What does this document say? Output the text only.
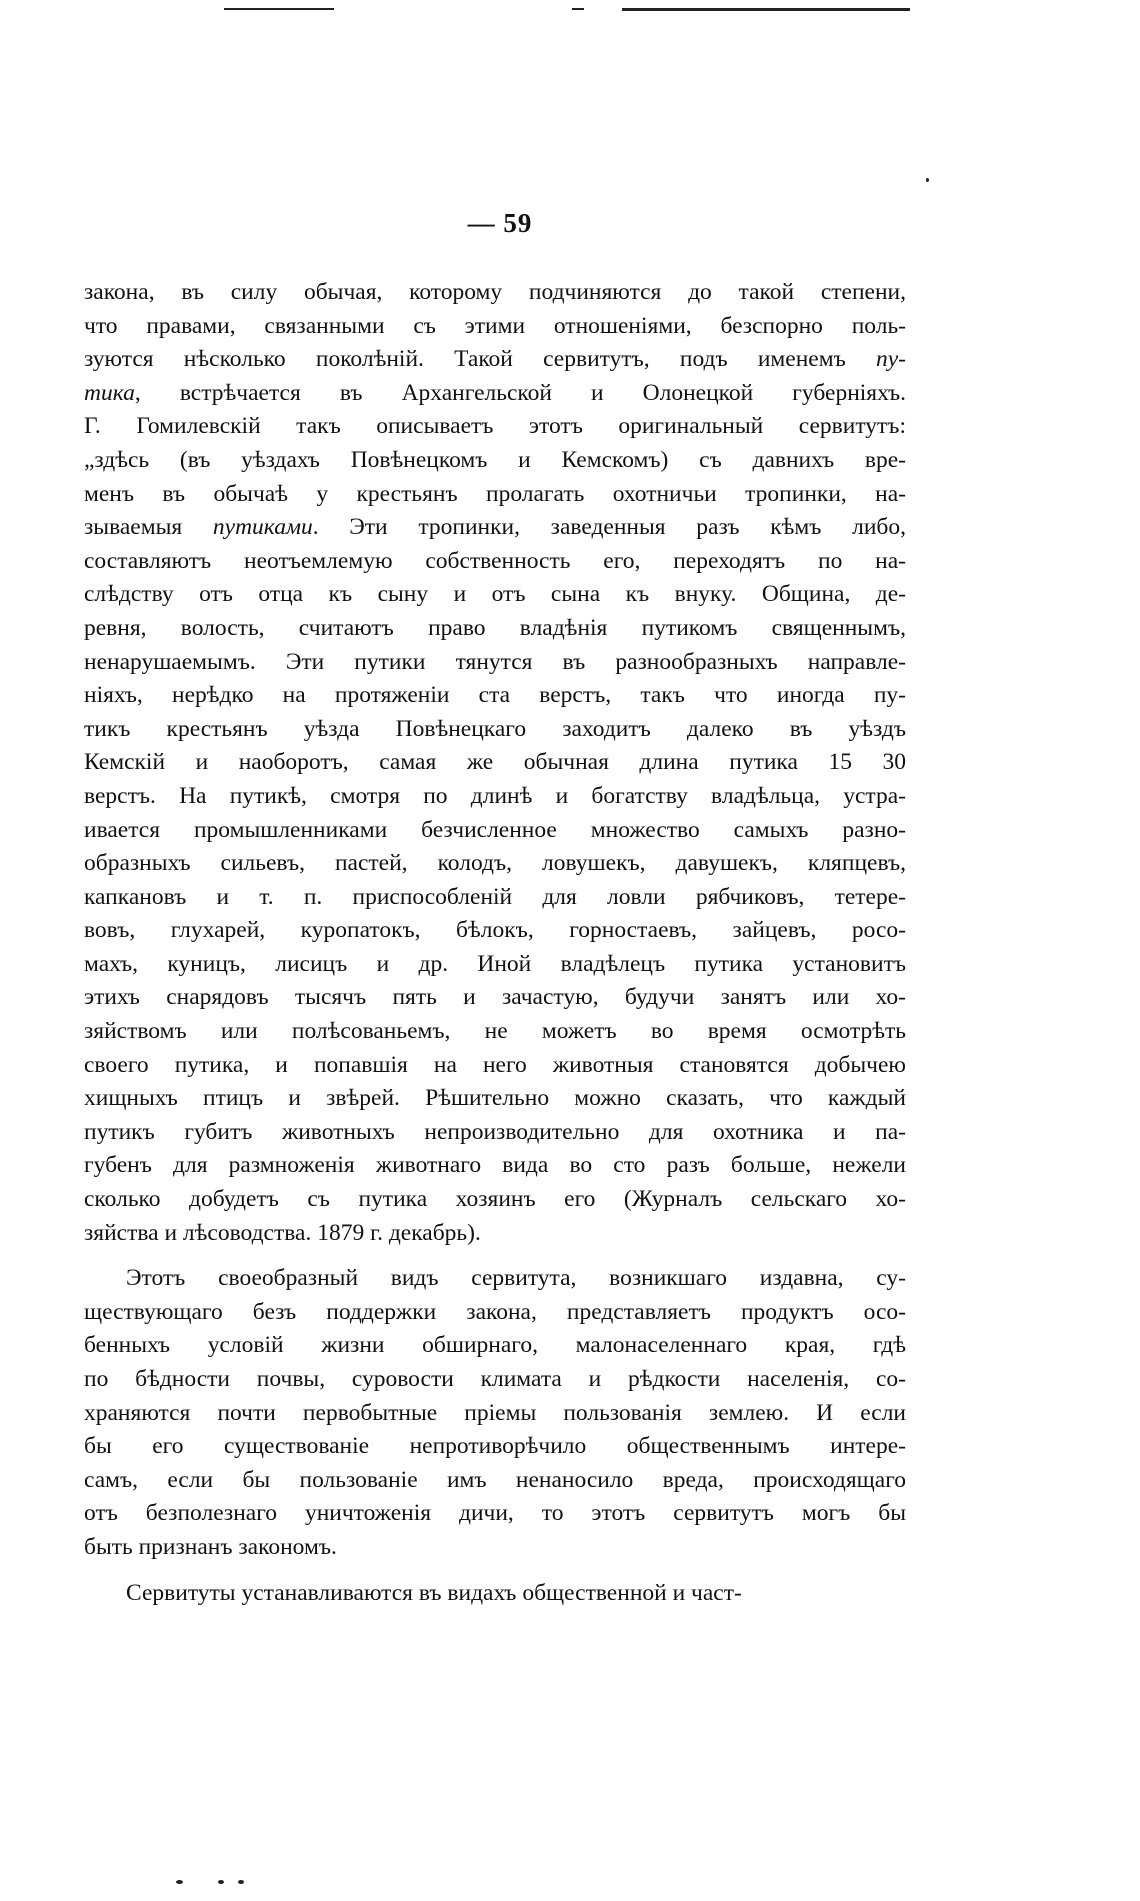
— 59
закона, въ силу обычая, которому подчиняются до такой степени,
что правами, связанными съ этими отношеніями, безспорно поль-
зуются нѣсколько поколѣній. Такой сервитутъ, подъ именемъ пу-
тика, встрѣчается въ Архангельской и Олонецкой губерніяхъ.
Г. Гомилевскій такъ описываетъ этотъ оригинальный сервитутъ:
„здѣсь (въ уѣздахъ Повѣнецкомъ и Кемскомъ) съ давнихъ вре-
менъ въ обычаѣ у крестьянъ пролагать охотничьи тропинки, на-
зываемыя путиками. Эти тропинки, заведенныя разъ кѣмъ либо,
составляютъ неотъемлемую собственность его, переходятъ по на-
слѣдству отъ отца къ сыну и отъ сына къ внуку. Община, де-
ревня, волость, считаютъ право владѣнія путикомъ священнымъ,
ненарушаемымъ. Эти путики тянутся въ разнообразныхъ направле-
ніяхъ, нерѣдко на протяженіи ста верстъ, такъ что иногда пу-
тикъ крестьянъ уѣзда Повѣнецкаго заходитъ далеко въ уѣздъ
Кемскій и наоборотъ, самая же обычная длина путика 15 30
верстъ. На путикѣ, смотря по длинѣ и богатству владѣльца, устра-
ивается промышленниками безчисленное множество самыхъ разно-
образныхъ сильевъ, пастей, колодъ, ловушекъ, давушекъ, кляпцевъ,
капкановъ и т. п. приспособленій для ловли рябчиковъ, тетере-
вовъ, глухарей, куропатокъ, бѣлокъ, горностаевъ, зайцевъ, росо-
махъ, куницъ, лисицъ и др. Иной владѣлецъ путика установитъ
этихъ снарядовъ тысячъ пять и зачастую, будучи занятъ или хо-
зяйствомъ или полѣсованьемъ, не можетъ во время осмотрѣть
своего путика, и попавшія на него животныя становятся добычею
хищныхъ птицъ и звѣрей. Рѣшительно можно сказать, что каждый
путикъ губитъ животныхъ непроизводительно для охотника и па-
губенъ для размноженія животнаго вида во сто разъ больше, нежели
сколько добудетъ съ путика хозяинъ его (Журналъ сельскаго хо-
зяйства и лѣсоводства. 1879 г. декабрь).
Этотъ своеобразный видъ сервитута, возникшаго издавна, су-
ществующаго безъ поддержки закона, представляетъ продуктъ осо-
бенныхъ условій жизни обширнаго, малонаселеннаго края, гдѣ
по бѣдности почвы, суровости климата и рѣдкости населенія, со-
храняются почти первобытные пріемы пользованія землею. И если
бы его существованіе непротиворѣчило общественнымъ интере-
самъ, если бы пользованіе имъ ненаносило вреда, происходящаго
отъ безполезнаго уничтоженія дичи, то этотъ сервитутъ могъ бы
быть признанъ закономъ.
Сервитуты устанавливаются въ видахъ общественной и част-
